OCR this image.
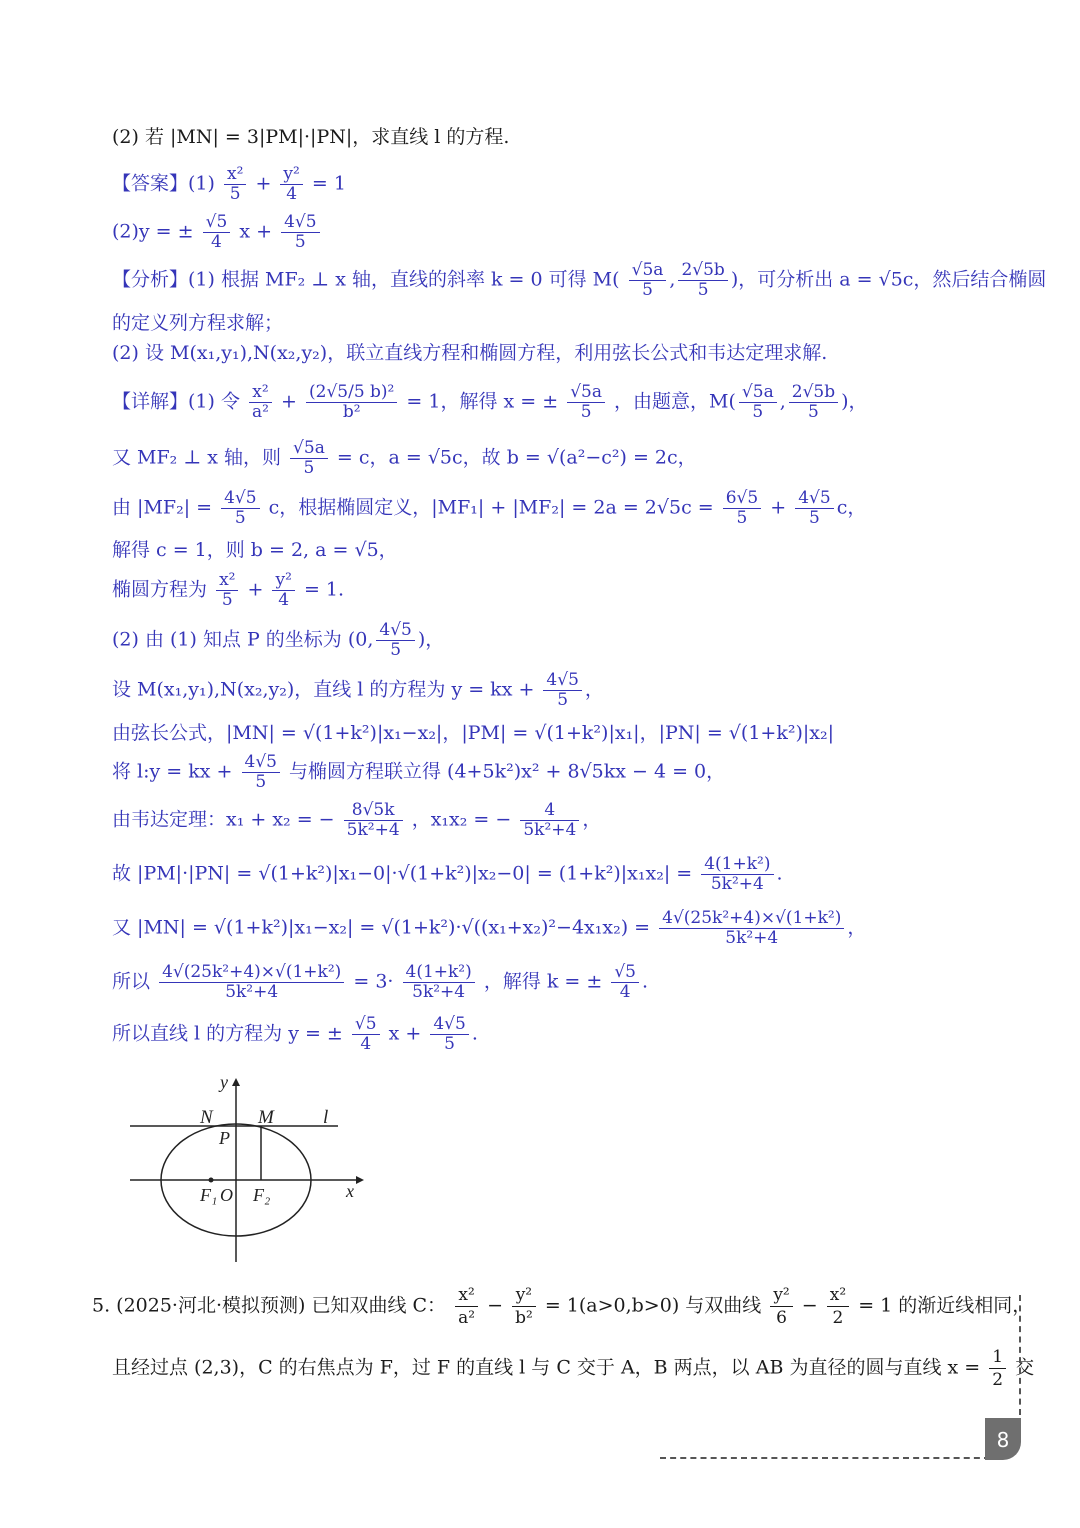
(2) 若 |MN| = 3|PM|·|PN|，求直线 l 的方程.
【答案】$(1) \frac{\text{x²}}{5} + \frac{\text{y²}}{4} = 1$
(2)y = ± $\frac{√5}{4}$ $x + \frac{4√5}{5}$
【分析】(1) 根据 MF₂ ⊥ x 轴，直线的斜率 k = 0 可得 $M( \frac{√5a}{5}$ , $\frac{2√5b}{5}$ )，可分析出 a = √5c，然后结合椭圆
的定义列方程求解；
(2) 设 M(x₁,y₁),N(x₂,y₂)，联立直线方程和椭圆方程，利用弦长公式和韦达定理求解.
【详解】(1) 令 $\frac{\text{x²}}{\text{a²}} + \frac{\text{(2√5/5 b)²}}{\text{b²}} = 1$，解得 x = ± $\frac{√5a}{5}$ ，由题意，$M( \frac{√5a}{5}$ , $\frac{2√5b}{5}$ )，
又 MF₂ ⊥ x 轴，则 $\frac{√5a}{5} = c$，a = √5c，故 b = √(a²−c²) = 2c，
由 $|MF_2| = \frac{4√5}{5}$ c，根据椭圆定义，$|MF_1| + |MF_2| = 2a = 2√5c = \frac{6√5}{5} + \frac{4√5}{5}$ c，
解得 c = 1，则 b = 2, a = √5，
椭圆方程为 $\frac{\text{x²}}{5} + \frac{\text{y²}}{4} = 1$.
(2) 由 (1) 知点 P 的坐标为 (0, $\frac{4√5}{5}$ )，
设 M(x₁,y₁),N(x₂,y₂)，直线 l 的方程为 y = kx + $\frac{4√5}{5}$ ，
由弦长公式，|MN| = √(1+k²)|x₁−x₂|，|PM| = √(1+k²)|x₁|，|PN| = √(1+k²)|x₂|
将 l:y = kx + $\frac{4√5}{5}$ 与椭圆方程联立得 (4+5k²)x² + 8√5kx − 4 = 0，
由韦达定理：x₁ + x₂ = − $\frac{8√5k}{\text{5k²+4}}$ ，x₁x₂ = − $\frac{4}{\text{5k²+4}}$ ，
故 $|PM|\cdot|PN| = √(1+k^2)|x_1-0|\cdot√(1+k^2)|x_2-0| = (1+k^2)|x_1x_2| = \frac{\text{4(1+k²)}}{\text{5k²+4}}$ .
又 $|MN| = √(1+k^2)|x_1-x_2| = √(1+k^2)\cdot√((x_1+x_2)^2-4x_1x_2) = \frac{\text{4√(25k²+4)×√(1+k²)}}{\text{5k²+4}}$ ，
所以 $\frac{\text{4√(25k²+4)×√(1+k²)}}{\text{5k²+4}} = 3\cdot \frac{\text{4(1+k²)}}{\text{5k²+4}}$ ，解得 k = ± $\frac{√5}{4}$ .
所以直线 l 的方程为 y = ± $\frac{√5}{4}$ $x + \frac{4√5}{5}$ .
y
N M	l
P
F₁ O F₂	x
5. (2025·河北·模拟预测) 已知双曲线 C： $\frac{\text{x²}}{\text{a²}} - \frac{\text{y²}}{\text{b²}} = 1(a>0,b>0)$ 与双曲线 $\frac{\text{y²}}{6} - \frac{\text{x²}}{2} = 1$ 的渐近线相同，
且经过点 (2,3)，C 的右焦点为 F，过 F 的直线 l 与 C 交于 A，B 两点，以 AB 为直径的圆与直线 $x = \frac{1}{2}$ 交
8
